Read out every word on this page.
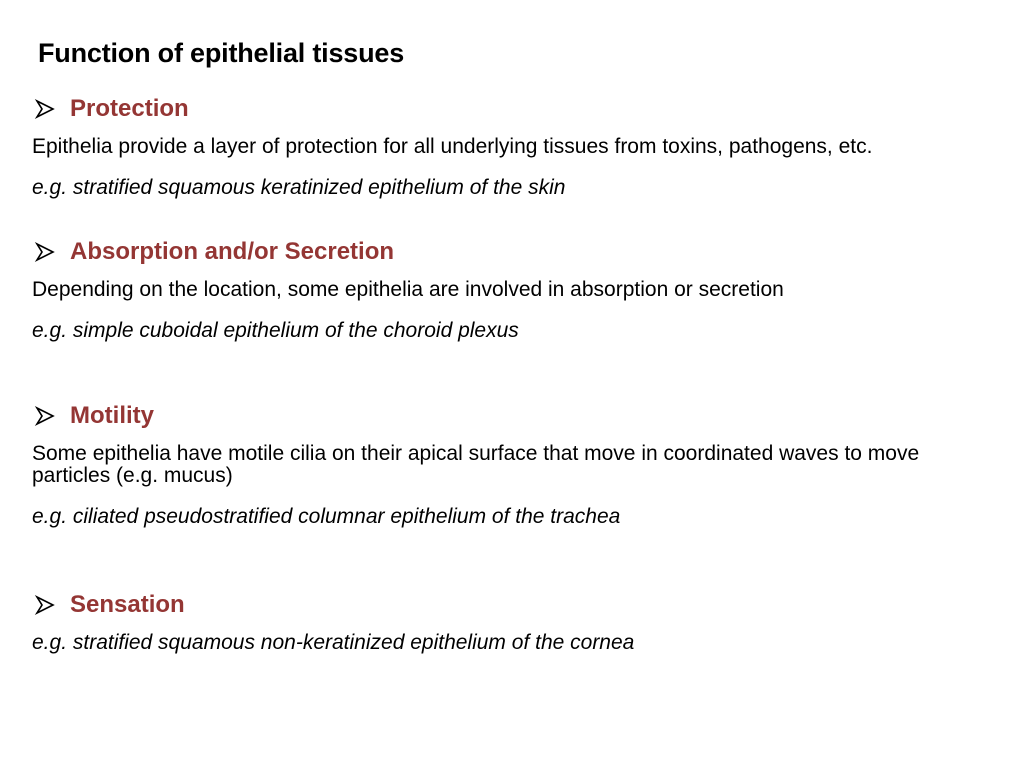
Function of epithelial tissues
Protection
Epithelia provide a layer of protection for all underlying tissues from toxins, pathogens, etc.
e.g. stratified squamous keratinized epithelium of the skin
Absorption and/or Secretion
Depending on the location, some epithelia are involved in absorption or secretion
e.g. simple cuboidal epithelium of the choroid plexus
Motility
Some epithelia have motile cilia on their apical surface that move in coordinated waves to move particles (e.g. mucus)
e.g. ciliated pseudostratified columnar epithelium of the trachea
Sensation
e.g. stratified squamous non-keratinized epithelium of the cornea
